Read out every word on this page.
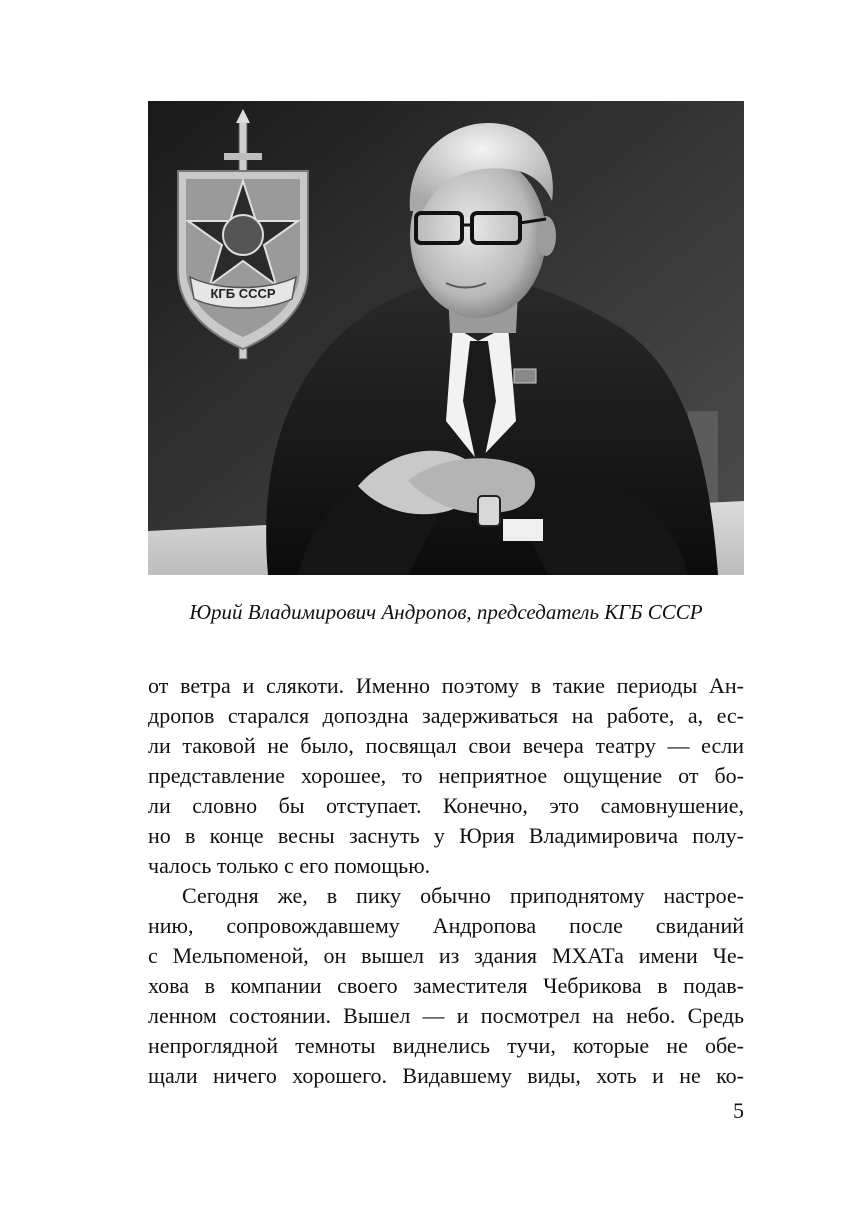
КГБ СССР
Юрий Владимирович Андропов, председатель КГБ СССР
от ветра и слякоти. Именно поэтому в такие периоды Ан-
дропов старался допоздна задерживаться на работе, а, ес-
ли таковой не было, посвящал свои вечера театру — если
представление хорошее, то неприятное ощущение от бо-
ли словно бы отступает. Конечно, это самовнушение,
но в конце весны заснуть у Юрия Владимировича полу-
чалось только с его помощью.
Сегодня же, в пику обычно приподнятому настрое-
нию, сопровождавшему Андропова после свиданий
с Мельпоменой, он вышел из здания МХАТа имени Че-
хова в компании своего заместителя Чебрикова в подав-
ленном состоянии. Вышел — и посмотрел на небо. Средь
непроглядной темноты виднелись тучи, которые не обе-
щали ничего хорошего. Видавшему виды, хоть и не ко-
5
